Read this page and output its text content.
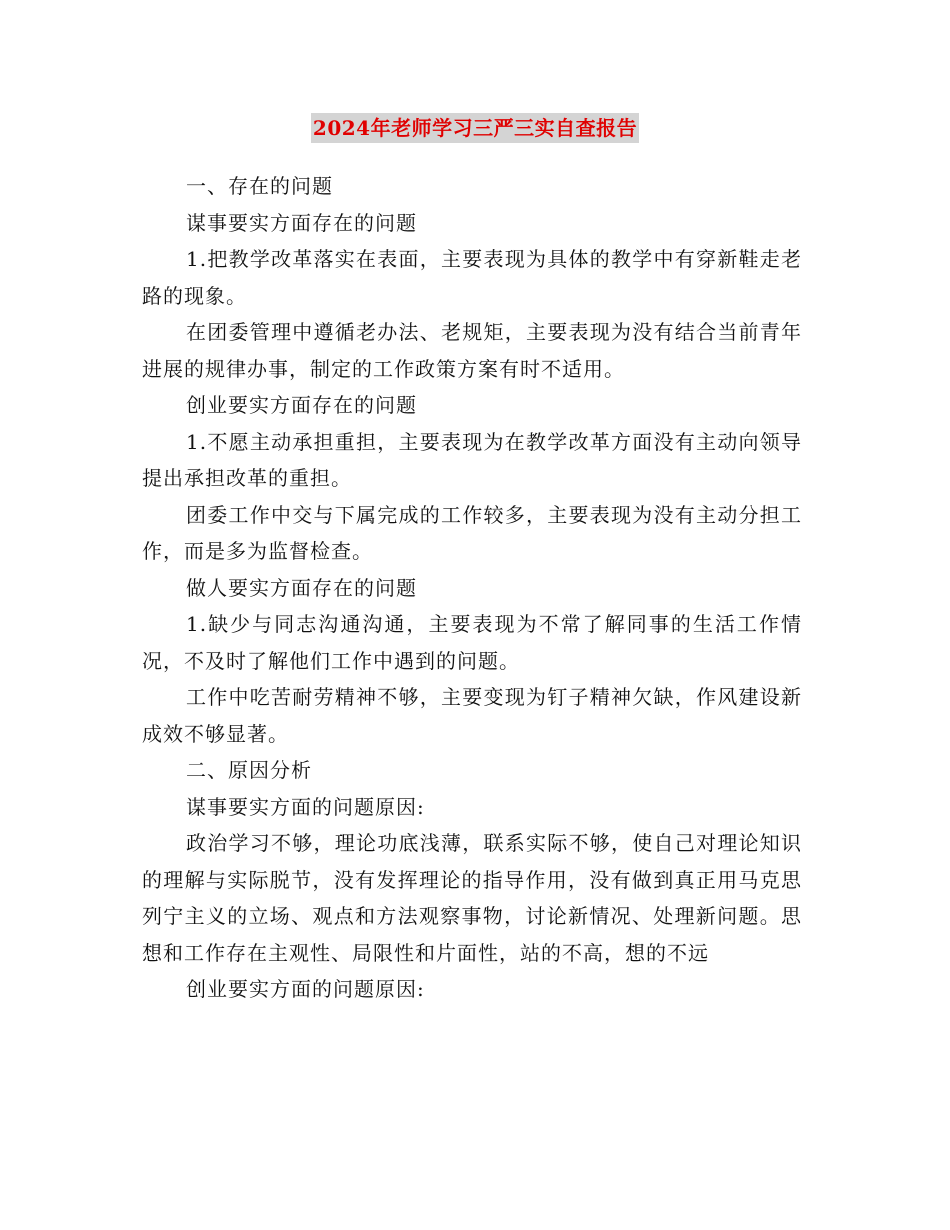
2024年老师学习三严三实自查报告

一、存在的问题

谋事要实方面存在的问题

1.把教学改革落实在表面，主要表现为具体的教学中有穿新鞋走老路的现象。

在团委管理中遵循老办法、老规矩，主要表现为没有结合当前青年进展的规律办事，制定的工作政策方案有时不适用。

创业要实方面存在的问题

1.不愿主动承担重担，主要表现为在教学改革方面没有主动向领导提出承担改革的重担。

团委工作中交与下属完成的工作较多，主要表现为没有主动分担工作，而是多为监督检查。

做人要实方面存在的问题

1.缺少与同志沟通沟通，主要表现为不常了解同事的生活工作情况，不及时了解他们工作中遇到的问题。

工作中吃苦耐劳精神不够，主要变现为钉子精神欠缺，作风建设新成效不够显著。

二、原因分析

谋事要实方面的问题原因:

政治学习不够，理论功底浅薄，联系实际不够，使自己对理论知识的理解与实际脱节，没有发挥理论的指导作用，没有做到真正用马克思列宁主义的立场、观点和方法观察事物，讨论新情况、处理新问题。思想和工作存在主观性、局限性和片面性，站的不高，想的不远

创业要实方面的问题原因:
